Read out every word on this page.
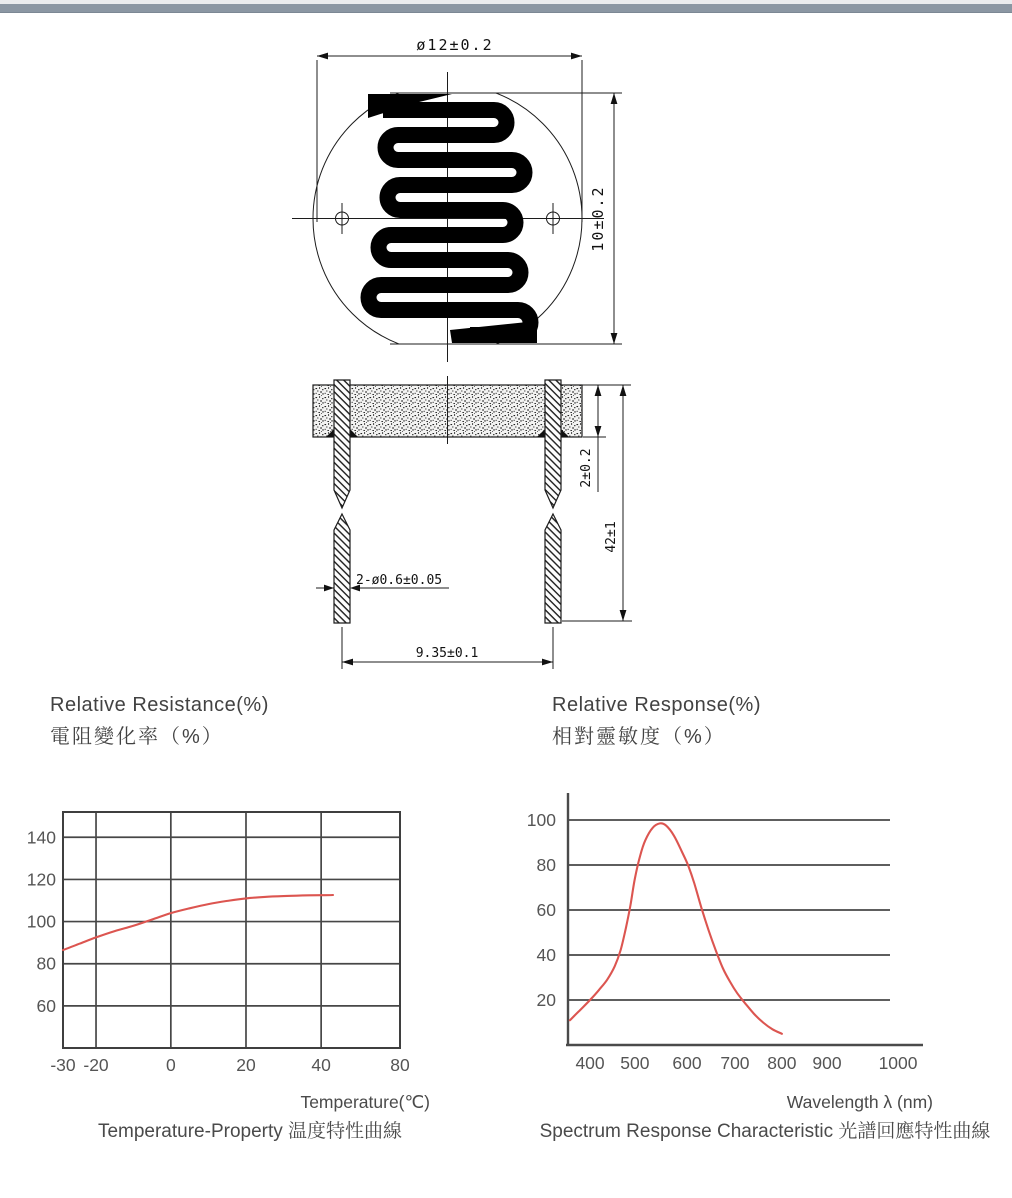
ø12±0.2
10±0.2
2±0.2
42±1
2-ø0.6±0.05
9.35±0.1
Relative Resistance(%)
電阻變化率（%）
Relative Response(%)
相對靈敏度（%）
60
80
100
120
140
-30 -20	0	20	40	80
20
40
60
80
100
400 500 600 700 800 900 1000
Temperature(℃)	Wavelength λ (nm)
Temperature-Property 温度特性曲線	Spectrum Response Characteristic 光譜回應特性曲線
